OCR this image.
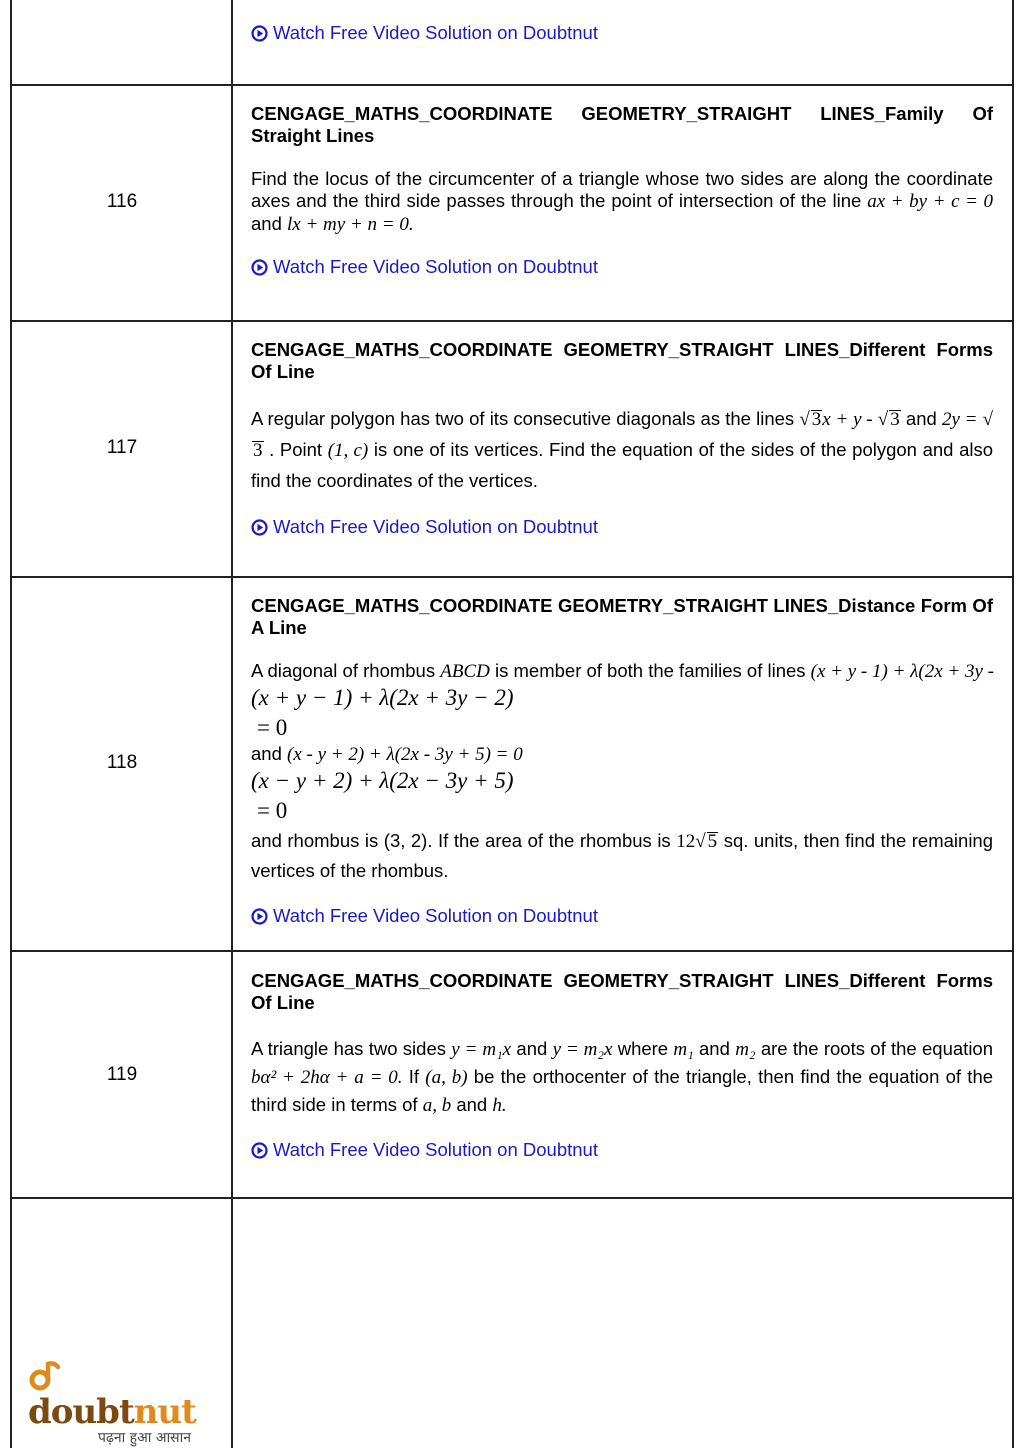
Watch Free Video Solution on Doubtnut
116
CENGAGE_MATHS_COORDINATE GEOMETRY_STRAIGHT LINES_Family Of Straight Lines
Find the locus of the circumcenter of a triangle whose two sides are along the coordinate axes and the third side passes through the point of intersection of the line ax + by + c = 0 and lx + my + n = 0.
Watch Free Video Solution on Doubtnut
117
CENGAGE_MATHS_COORDINATE GEOMETRY_STRAIGHT LINES_Different Forms Of Line
A regular polygon has two of its consecutive diagonals as the lines √ 3x + y - √ 3 and 2y = √3 . Point (1, c) is one of its vertices. Find the equation of the sides of the polygon and also find the coordinates of the vertices.
Watch Free Video Solution on Doubtnut
118
CENGAGE_MATHS_COORDINATE GEOMETRY_STRAIGHT LINES_Distance Form Of A Line
A diagonal of rhombus ABCD is member of both the families of lines (x + y - 1) + λ(2x + 3y -
(x + y − 1) + λ(2x + 3y − 2)
= 0
and (x - y + 2) + λ(2x - 3y + 5) = 0
(x − y + 2) + λ(2x − 3y + 5)
= 0
and rhombus is (3, 2). If the area of the rhombus is 12√ 5 sq. units, then find the remaining vertices of the rhombus.
Watch Free Video Solution on Doubtnut
119
CENGAGE_MATHS_COORDINATE GEOMETRY_STRAIGHT LINES_Different Forms Of Line
A triangle has two sides y = m₁x and y = m₂x where m₁ and m₂ are the roots of the equation bα² + 2hα + a = 0. If (a, b) be the orthocenter of the triangle, then find the equation of the third side in terms of a, b and h.
Watch Free Video Solution on Doubtnut
doubtnut
पढ़ना हुआ आसान
